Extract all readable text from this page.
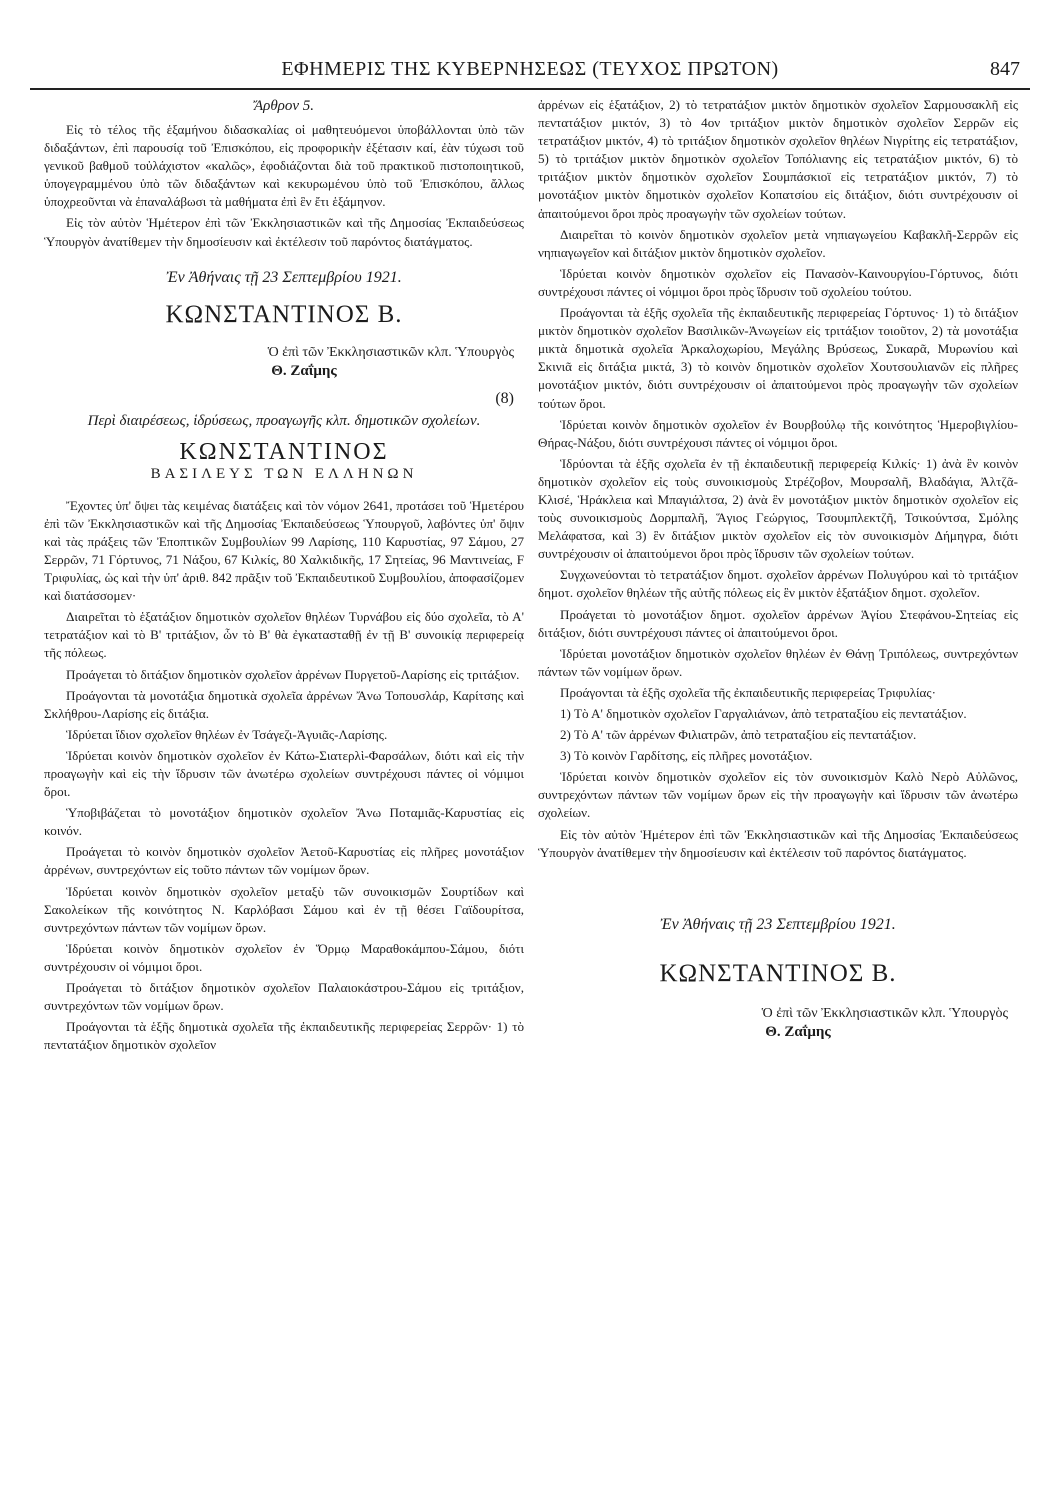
ΕΦΗΜΕΡΙΣ ΤΗΣ ΚΥΒΕΡΝΗΣΕΩΣ (ΤΕΥΧΟΣ ΠΡΩΤΟΝ)	847
Ἄρθρον 5.

Εἰς τὸ τέλος τῆς ἑξαμήνου διδασκαλίας οἱ μαθητευόμενοι ὑποβάλλονται ὑπὸ τῶν διδαξάντων, ἐπὶ παρουσίᾳ τοῦ Ἐπισκόπου, εἰς προφορικὴν ἐξέτασιν καί, ἐὰν τύχωσι τοῦ γενικοῦ βαθμοῦ τοὐλάχιστον «καλῶς», ἐφοδιάζονται διὰ τοῦ πρακτικοῦ πιστοποιητικοῦ, ὑπογεγραμμένου ὑπὸ τῶν διδαξάντων καὶ κεκυρωμένου ὑπὸ τοῦ Ἐπισκόπου, ἄλλως ὑποχρεοῦνται νὰ ἐπαναλάβωσι τὰ μαθήματα ἐπὶ ἓν ἔτι ἑξάμηνον.

Εἰς τὸν αὐτὸν Ἡμέτερον ἐπὶ τῶν Ἐκκλησιαστικῶν καὶ τῆς Δημοσίας Ἐκπαιδεύσεως Ὑπουργὸν ἀνατίθεμεν τὴν δημοσίευσιν καὶ ἐκτέλεσιν τοῦ παρόντος διατάγματος.

Ἐν Ἀθήναις τῇ 23 Σεπτεμβρίου 1921.
ΚΩΝΣΤΑΝΤΙΝΟΣ Β.
Ὁ ἐπὶ τῶν Ἐκκλησιαστικῶν κλπ. Ὑπουργὸς
Θ. Ζαΐμης
(8)
Περὶ διαιρέσεως, ἱδρύσεως, προαγωγῆς κλπ. δημοτικῶν σχολείων.
ΚΩΝΣΤΑΝΤΙΝΟΣ
ΒΑΣΙΛΕΥΣ ΤΩΝ ΕΛΛΗΝΩΝ

Ἔχοντες ὑπ' ὄψει τὰς κειμένας διατάξεις καὶ τὸν νόμον 2641, προτάσει τοῦ Ἡμετέρου ἐπὶ τῶν Ἐκκλησιαστικῶν καὶ τῆς Δημοσίας Ἐκπαιδεύσεως Ὑπουργοῦ, λαβόντες ὑπ' ὄψιν καὶ τὰς πράξεις τῶν Ἐποπτικῶν Συμβουλίων 99 Λαρίσης, 110 Καρυστίας, 97 Σάμου, 27 Σερρῶν, 71 Γόρτυνος, 71 Νάξου, 67 Κιλκίς, 80 Χαλκιδικῆς, 17 Σητείας, 96 Μαντινείας, F Τριφυλίας, ὡς καὶ τὴν ὑπ' ἀριθ. 842 πρᾶξιν τοῦ Ἐκπαιδευτικοῦ Συμβουλίου, ἀποφασίζομεν καὶ διατάσσομεν·

Διαιρεῖται τὸ ἑξατάξιον δημοτικὸν σχολεῖον θηλέων Τυρνάβου εἰς δύο σχολεῖα, τὸ Α' τετρατάξιον καὶ τὸ Β' τριτάξιον, ὧν τὸ Β' θὰ ἐγκατασταθῇ ἐν τῇ Β' συνοικίᾳ περιφερείᾳ τῆς πόλεως.

Προάγεται τὸ διτάξιον δημοτικὸν σχολεῖον ἀρρένων Πυργετοῦ-Λαρίσης εἰς τριτάξιον.

Προάγονται τὰ μονοτάξια δημοτικὰ σχολεῖα ἀρρένων Ἄνω Τοπουσλάρ, Καρίτσης καὶ Σκλήθρου-Λαρίσης εἰς διτάξια.

Ἱδρύεται ἴδιον σχολεῖον θηλέων ἐν Τσάγεζι-Ἀγυιᾶς-Λαρίσης.

Ἱδρύεται κοινὸν δημοτικὸν σχολεῖον ἐν Κάτω-Σιατερλὶ-Φαρσάλων, διότι καὶ εἰς τὴν προαγωγὴν καὶ εἰς τὴν ἵδρυσιν τῶν ἀνωτέρω σχολείων συντρέχουσι πάντες οἱ νόμιμοι ὅροι.

Ὑποβιβάζεται τὸ μονοτάξιον δημοτικὸν σχολεῖον Ἄνω Ποταμιᾶς-Καρυστίας εἰς κοινόν.

Προάγεται τὸ κοινὸν δημοτικὸν σχολεῖον Ἀετοῦ-Καρυστίας εἰς πλῆρες μονοτάξιον ἀρρένων, συντρεχόντων εἰς τοῦτο πάντων τῶν νομίμων ὅρων.

Ἱδρύεται κοινὸν δημοτικὸν σχολεῖον μεταξὺ τῶν συνοικισμῶν Σουρτίδων καὶ Σακολείκων τῆς κοινότητος Ν. Καρλόβασι Σάμου καὶ ἐν τῇ θέσει Γαϊδουρίτσα, συντρεχόντων πάντων τῶν νομίμων ὅρων.

Ἱδρύεται κοινὸν δημοτικὸν σχολεῖον ἐν Ὅρμῳ Μαραθοκάμπου-Σάμου, διότι συντρέχουσιν οἱ νόμιμοι ὅροι.

Προάγεται τὸ διτάξιον δημοτικὸν σχολεῖον Παλαιοκάστρου-Σάμου εἰς τριτάξιον, συντρεχόντων τῶν νομίμων ὅρων.

Προάγονται τὰ ἑξῆς δημοτικὰ σχολεῖα τῆς ἐκπαιδευτικῆς περιφερείας Σερρῶν· 1) τὸ πεντατάξιον δημοτικὸν σχολεῖον

ἀρρένων εἰς ἑξατάξιον, 2) τὸ τετρατάξιον μικτὸν δημοτικὸν σχολεῖον Σαρμουσακλῆ εἰς πεντατάξιον μικτόν, 3) τὸ 4ον τριτάξιον μικτὸν δημοτικὸν σχολεῖον Σερρῶν εἰς τετρατάξιον μικτόν, 4) τὸ τριτάξιον δημοτικὸν σχολεῖον θηλέων Νιγρίτης εἰς τετρατάξιον, 5) τὸ τριτάξιον μικτὸν δημοτικὸν σχολεῖον Τοπόλιανης εἰς τετρατάξιον μικτόν, 6) τὸ τριτάξιον μικτὸν δημοτικὸν σχολεῖον Σουμπάσκιοϊ εἰς τετρατάξιον μικτόν, 7) τὸ μονοτάξιον μικτὸν δημοτικὸν σχολεῖον Κοπατσίου εἰς διτάξιον, διότι συντρέχουσιν οἱ ἀπαιτούμενοι ὅροι πρὸς προαγωγὴν τῶν σχολείων τούτων.

Διαιρεῖται τὸ κοινὸν δημοτικὸν σχολεῖον μετὰ νηπιαγωγείου Καβακλῆ-Σερρῶν εἰς νηπιαγωγεῖον καὶ διτάξιον μικτὸν δημοτικὸν σχολεῖον.

Ἱδρύεται κοινὸν δημοτικὸν σχολεῖον εἰς Πανασὸν-Καινουργίου-Γόρτυνος, διότι συντρέχουσι πάντες οἱ νόμιμοι ὅροι πρὸς ἵδρυσιν τοῦ σχολείου τούτου.

Προάγονται τὰ ἑξῆς σχολεῖα τῆς ἐκπαιδευτικῆς περιφερείας Γόρτυνος· 1) τὸ διτάξιον μικτὸν δημοτικὸν σχολεῖον Βασιλικῶν-Ἀνωγείων εἰς τριτάξιον τοιοῦτον, 2) τὰ μονοτάξια μικτὰ δημοτικὰ σχολεῖα Ἀρκαλοχωρίου, Μεγάλης Βρύσεως, Συκαρᾶ, Μυρωνίου καὶ Σκινιᾶ εἰς διτάξια μικτά, 3) τὸ κοινὸν δημοτικὸν σχολεῖον Χουτσουλιανῶν εἰς πλῆρες μονοτάξιον μικτόν, διότι συντρέχουσιν οἱ ἀπαιτούμενοι πρὸς προαγωγὴν τῶν σχολείων τούτων ὅροι.

Ἱδρύεται κοινὸν δημοτικὸν σχολεῖον ἐν Βουρβούλῳ τῆς κοινότητος Ἡμεροβιγλίου-Θήρας-Νάξου, διότι συντρέχουσι πάντες οἱ νόμιμοι ὅροι.

Ἱδρύονται τὰ ἑξῆς σχολεῖα ἐν τῇ ἐκπαιδευτικῇ περιφερείᾳ Κιλκίς· 1) ἀνὰ ἓν κοινὸν δημοτικὸν σχολεῖον εἰς τοὺς συνοικισμοὺς Στρέζοβον, Μουρσαλῆ, Βλαδάγια, Ἀλτζᾶ-Κλισέ, Ἡράκλεια καὶ Μπαγιάλτσα, 2) ἀνὰ ἓν μονοτάξιον μικτὸν δημοτικὸν σχολεῖον εἰς τοὺς συνοικισμοὺς Δορμπαλῆ, Ἅγιος Γεώργιος, Τσουμπλεκτζῆ, Τσικούντσα, Σμόλης Μελάφατσα, καὶ 3) ἓν διτάξιον μικτὸν σχολεῖον εἰς τὸν συνοικισμὸν Δήμηγρα, διότι συντρέχουσιν οἱ ἀπαιτούμενοι ὅροι πρὸς ἵδρυσιν τῶν σχολείων τούτων.

Συγχωνεύονται τὸ τετρατάξιον δημοτ. σχολεῖον ἀρρένων Πολυγύρου καὶ τὸ τριτάξιον δημοτ. σχολεῖον θηλέων τῆς αὐτῆς πόλεως εἰς ἓν μικτὸν ἑξατάξιον δημοτ. σχολεῖον.

Προάγεται τὸ μονοτάξιον δημοτ. σχολεῖον ἀρρένων Ἁγίου Στεφάνου-Σητείας εἰς διτάξιον, διότι συντρέχουσι πάντες οἱ ἀπαιτούμενοι ὅροι.

Ἱδρύεται μονοτάξιον δημοτικὸν σχολεῖον θηλέων ἐν Θάνῃ Τριπόλεως, συντρεχόντων πάντων τῶν νομίμων ὅρων.

Προάγονται τὰ ἑξῆς σχολεῖα τῆς ἐκπαιδευτικῆς περιφερείας Τριφυλίας·

1) Τὸ Α' δημοτικὸν σχολεῖον Γαργαλιάνων, ἀπὸ τετραταξίου εἰς πεντατάξιον.

2) Τὸ Α' τῶν ἀρρένων Φιλιατρῶν, ἀπὸ τετραταξίου εἰς πεντατάξιον.

3) Τὸ κοινὸν Γαρδίτσης, εἰς πλῆρες μονοτάξιον.

Ἱδρύεται κοινὸν δημοτικὸν σχολεῖον εἰς τὸν συνοικισμὸν Καλὸ Νερὸ Αὐλῶνος, συντρεχόντων πάντων τῶν νομίμων ὅρων εἰς τὴν προαγωγὴν καὶ ἵδρυσιν τῶν ἀνωτέρω σχολείων.

Εἰς τὸν αὐτὸν Ἡμέτερον ἐπὶ τῶν Ἐκκλησιαστικῶν καὶ τῆς Δημοσίας Ἐκπαιδεύσεως Ὑπουργὸν ἀνατίθεμεν τὴν δημοσίευσιν καὶ ἐκτέλεσιν τοῦ παρόντος διατάγματος.

Ἐν Ἀθήναις τῇ 23 Σεπτεμβρίου 1921.
ΚΩΝΣΤΑΝΤΙΝΟΣ Β.
Ὁ ἐπὶ τῶν Ἐκκλησιαστικῶν κλπ. Ὑπουργὸς
Θ. Ζαΐμης
